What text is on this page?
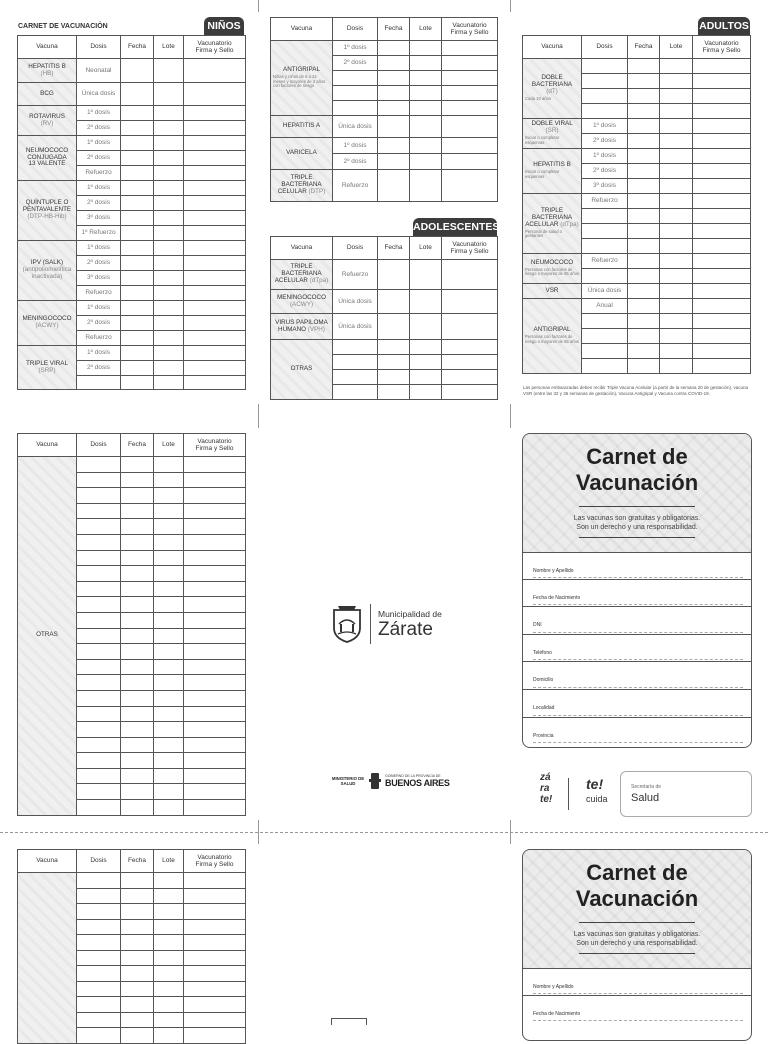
CARNET DE VACUNACIÓN	NIÑOS
Vacuna	Dosis	Fecha	Lote	Vacunatorio
Firma y Sello
HEPATITIS B
(HB)	Neonatal			
BCG	Única dosis			
ROTAVIRUS
(RV)	1º dosis			
	2º dosis			
NEUMOCOCO
CONJUGADA
13 VALENTE	1º dosis			
	2º dosis			
	Refuerzo			
QUÍNTUPLE O
PENTAVALENTE
(DTP-HB-Hib)	1º dosis			
	2º dosis			
	3º dosis			
	1º Refuerzo			
IPV (SALK)
(antipoliomielítica
inactivada)	1º dosis			
	2º dosis			
	3º dosis			
	Refuerzo			
MENINGOCOCO
(ACWY)	1º dosis			
	2º dosis			
	Refuerzo			
TRIPLE VIRAL
(SRP)	1º dosis			
	2º dosis			

Vacuna	Dosis	Fecha	Lote	Vacunatorio
Firma y Sello
ANTIGRIPAL
Niñas y niños de 6 a 24 meses y mayores de 2 años con factores de riesgo	1º dosis			
	2º dosis			

HEPATITIS A	Única dosis			
VARICELA	1º dosis			
	2º dosis			
TRIPLE
BACTERIANA
CELULAR (DTP)	Refuerzo			
ADOLESCENTES
Vacuna	Dosis	Fecha	Lote	Vacunatorio
Firma y Sello
TRIPLE
BACTERIANA
ACELULAR (dTpa)	Refuerzo			
MENINGOCOCO
(ACWY)	Única dosis			
VIRUS PAPILOMA
HUMANO (VPH)	Única dosis			
OTRAS				

ADULTOS
Vacuna	Dosis	Fecha	Lote	Vacunatorio
Firma y Sello
DOBLE
BACTERIANA
(dT)
Cada 10 años				

DOBLE VIRAL (SR)
Iniciar o completar esquemas	1º dosis			
	2º dosis			
HEPATITIS B
Iniciar o completar esquemas	1º dosis			
	2º dosis			
	3º dosis			
TRIPLE
BACTERIANA
ACELULAR (dTpa)
Personal de salud o gestantes	Refuerzo			

NEUMOCOCO
Personas con factores de riesgo o mayores de 65 años	Refuerzo			

VSR	Única dosis			
ANTIGRIPAL
Personas con factores de riesgo o mayores de 65 años	Anual			

Las personas embarazadas deben recibir Triple Vacuna Acelular (a partir de la semana 20 de gestación), vacuna VSR (entre las 32 y 36 semanas de gestación), Vacuna Antigripal y Vacuna contra COVID-19.
Vacuna	Dosis	Fecha	Lote	Vacunatorio
Firma y Sello
OTRAS				

Municipalidad de
Zárate
MINISTERIO DE
SALUD
GOBIERNO DE LA PROVINCIA DE
BUENOS AIRES
Carnet de
Vacunación
Las vacunas son gratuitas y obligatorias.
Son un derecho y una responsabilidad.
Nombre y Apellido
Fecha de Nacimiento
DNI
Teléfono
Domicilio
Localidad
Provincia
zá
ra
te!
te!
cuida
Secretaría de
Salud
Vacuna	Dosis	Fecha	Lote	Vacunatorio
Firma y Sello

				Carnet de
Vacunación
Las vacunas son gratuitas y obligatorias.
Son un derecho y una responsabilidad.
Nombre y Apellido
Fecha de Nacimiento
